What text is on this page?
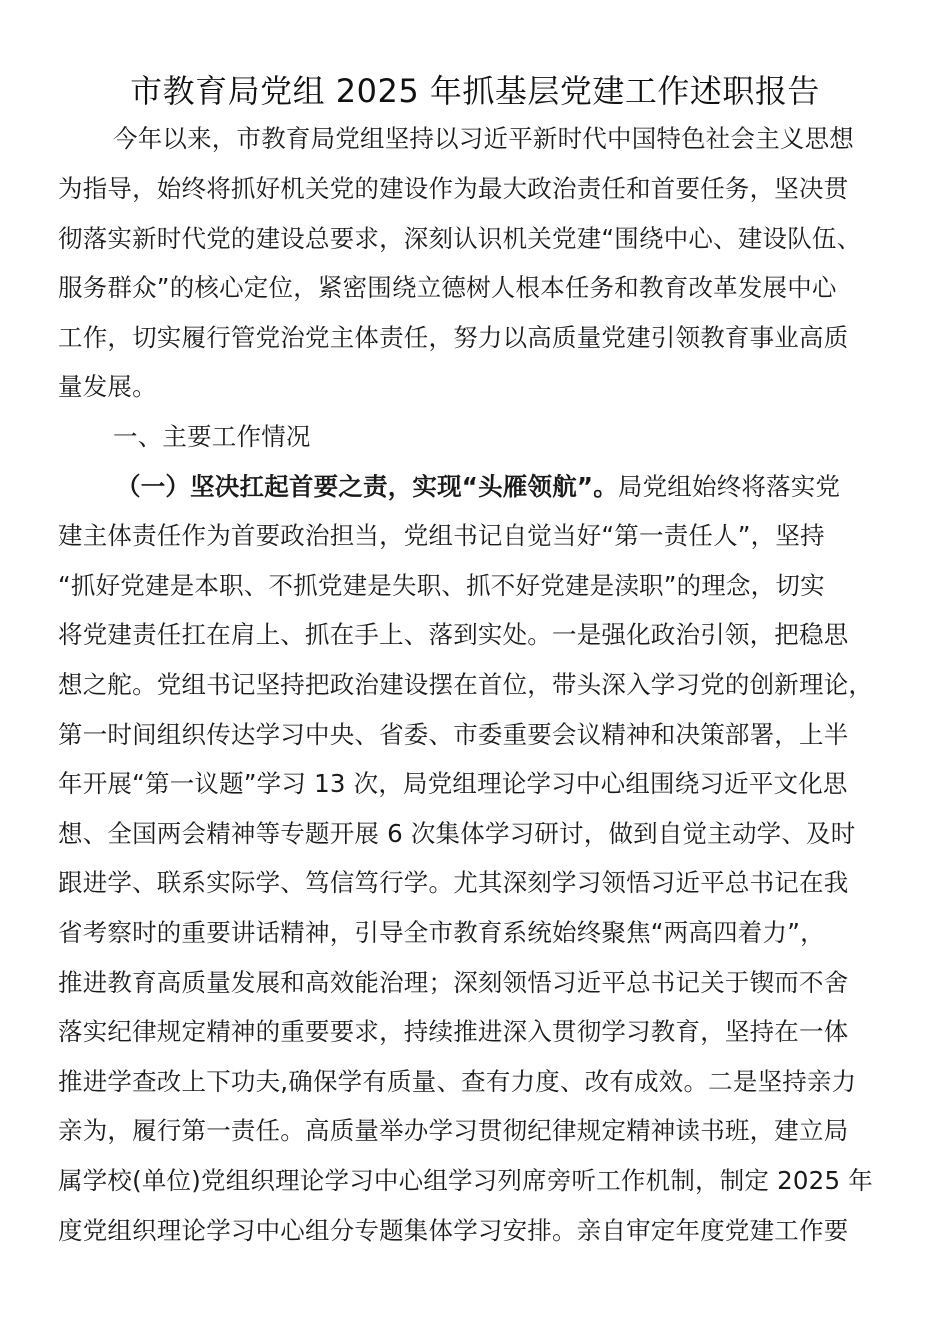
市教育局党组 2025 年抓基层党建工作述职报告
今年以来，市教育局党组坚持以习近平新时代中国特色社会主义思想
为指导，始终将抓好机关党的建设作为最大政治责任和首要任务，坚决贯
彻落实新时代党的建设总要求，深刻认识机关党建“围绕中心、建设队伍、
服务群众”的核心定位，紧密围绕立德树人根本任务和教育改革发展中心
工作，切实履行管党治党主体责任，努力以高质量党建引领教育事业高质
量发展。
一、主要工作情况
（一）坚决扛起首要之责，实现“头雁领航”。局党组始终将落实党
建主体责任作为首要政治担当，党组书记自觉当好“第一责任人”，坚持
“抓好党建是本职、不抓党建是失职、抓不好党建是渎职”的理念，切实
将党建责任扛在肩上、抓在手上、落到实处。一是强化政治引领，把稳思
想之舵。党组书记坚持把政治建设摆在首位，带头深入学习党的创新理论，
第一时间组织传达学习中央、省委、市委重要会议精神和决策部署，上半
年开展“第一议题”学习 13 次，局党组理论学习中心组围绕习近平文化思
想、全国两会精神等专题开展 6 次集体学习研讨，做到自觉主动学、及时
跟进学、联系实际学、笃信笃行学。尤其深刻学习领悟习近平总书记在我
省考察时的重要讲话精神，引导全市教育系统始终聚焦“两高四着力”，
推进教育高质量发展和高效能治理；深刻领悟习近平总书记关于锲而不舍
落实纪律规定精神的重要要求，持续推进深入贯彻学习教育，坚持在一体
推进学查改上下功夫,确保学有质量、查有力度、改有成效。二是坚持亲力
亲为，履行第一责任。高质量举办学习贯彻纪律规定精神读书班，建立局
属学校(单位)党组织理论学习中心组学习列席旁听工作机制，制定 2025 年
度党组织理论学习中心组分专题集体学习安排。亲自审定年度党建工作要
